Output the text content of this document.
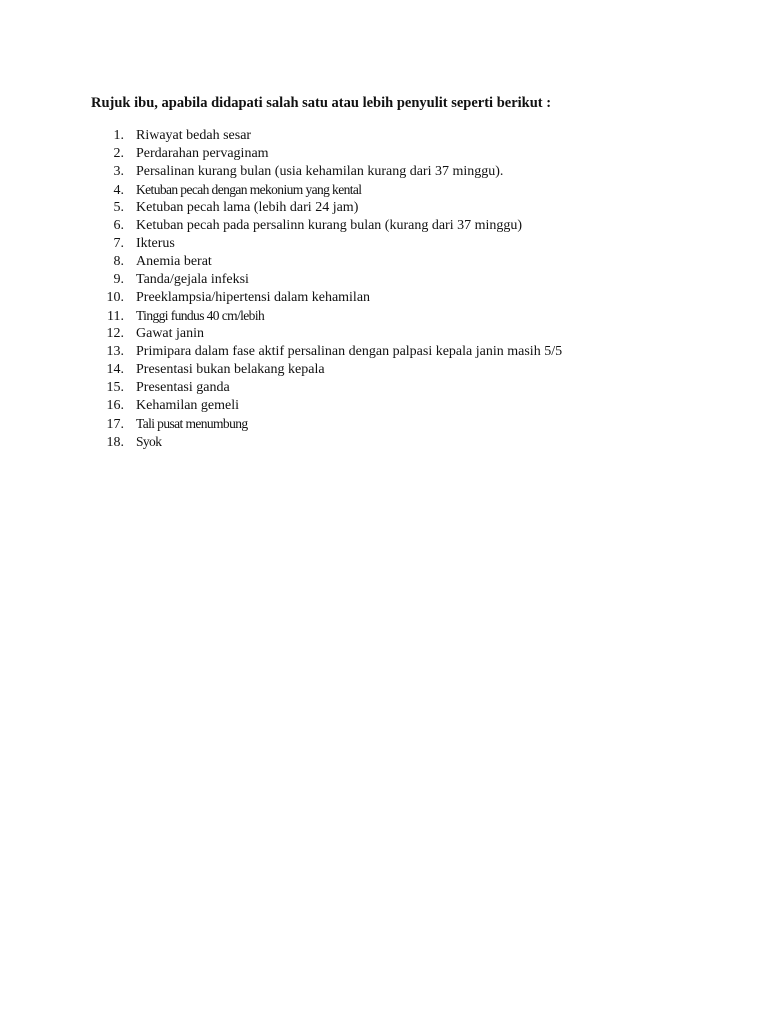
Rujuk ibu, apabila didapati salah satu atau lebih penyulit seperti berikut :

1. Riwayat bedah sesar
2. Perdarahan pervaginam
3. Persalinan kurang bulan (usia kehamilan kurang dari 37 minggu).
4. Ketuban pecah dengan mekonium yang kental
5. Ketuban pecah lama (lebih dari 24 jam)
6. Ketuban pecah pada persalinn kurang bulan (kurang dari 37 minggu)
7. Ikterus
8. Anemia berat
9. Tanda/gejala infeksi
10. Preeklampsia/hipertensi dalam kehamilan
11. Tinggi fundus 40 cm/lebih
12. Gawat janin
13. Primipara dalam fase aktif persalinan dengan palpasi kepala janin masih 5/5
14. Presentasi bukan belakang kepala
15. Presentasi ganda
16. Kehamilan gemeli
17. Tali pusat menumbung
18. Syok
